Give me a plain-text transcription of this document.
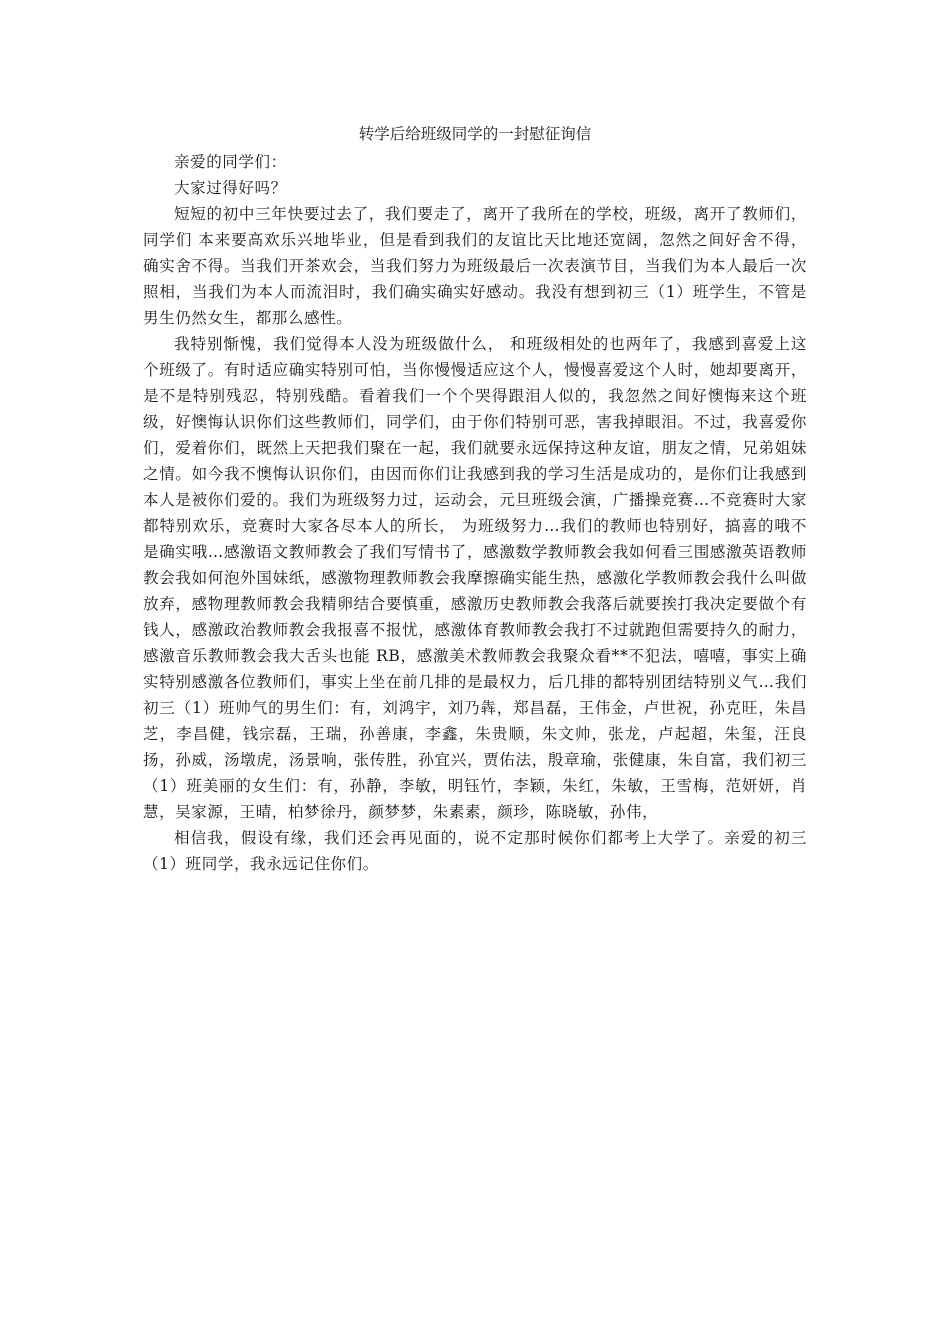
转学后给班级同学的一封慰征询信

亲爱的同学们：

大家过得好吗？

短短的初中三年快要过去了，我们要走了，离开了我所在的学校，班级，离开了教师们，同学们 本来要高欢乐兴地毕业，但是看到我们的友谊比天比地还宽阔，忽然之间好舍不得，确实舍不得。当我们开茶欢会，当我们努力为班级最后一次表演节目，当我们为本人最后一次照相，当我们为本人而流泪时，我们确实确实好感动。我没有想到初三（1）班学生，不管是男生仍然女生，都那么感性。

我特别惭愧，我们觉得本人没为班级做什么， 和班级相处的也两年了，我感到喜爱上这个班级了。有时适应确实特别可怕，当你慢慢适应这个人，慢慢喜爱这个人时，她却要离开，是不是特别残忍，特别残酷。看着我们一个个哭得跟泪人似的，我忽然之间好懊悔来这个班级，好懊悔认识你们这些教师们，同学们，由于你们特别可恶，害我掉眼泪。不过，我喜爱你们，爱着你们，既然上天把我们聚在一起，我们就要永远保持这种友谊，朋友之情，兄弟姐妹之情。如今我不懊悔认识你们，由因而你们让我感到我的学习生活是成功的，是你们让我感到本人是被你们爱的。我们为班级努力过，运动会，元旦班级会演，广播操竞赛…不竞赛时大家都特别欢乐，竞赛时大家各尽本人的所长， 为班级努力…我们的教师也特别好，搞喜的哦不是确实哦…感激语文教师教会了我们写情书了，感激数学教师教会我如何看三围感激英语教师教会我如何泡外国妹纸，感激物理教师教会我摩擦确实能生热，感激化学教师教会我什么叫做放弃，感物理教师教会我精卵结合要慎重，感激历史教师教会我落后就要挨打我决定要做个有钱人，感激政治教师教会我报喜不报忧，感激体育教师教会我打不过就跑但需要持久的耐力，感激音乐教师教会我大舌头也能 RB，感激美术教师教会我聚众看**不犯法，嘻嘻，事实上确实特别感激各位教师们，事实上坐在前几排的是最权力，后几排的都特别团结特别义气…我们初三（1）班帅气的男生们：有，刘鸿宇，刘乃犇，郑昌磊，王伟金，卢世祝，孙克旺，朱昌芝，李昌健，钱宗磊，王瑞，孙善康，李鑫，朱贵顺，朱文帅，张龙，卢起超，朱玺，汪良扬，孙威，汤墩虎，汤景响，张传胜，孙宜兴，贾佑法，殷章瑜，张健康，朱自富，我们初三（1）班美丽的女生们：有，孙静，李敏，明钰竹，李颖，朱红，朱敏，王雪梅，范妍妍，肖慧，吴家源，王晴，柏梦徐丹，颜梦梦，朱素素，颜珍，陈晓敏，孙伟，

相信我，假设有缘，我们还会再见面的，说不定那时候你们都考上大学了。亲爱的初三（1）班同学，我永远记住你们。
